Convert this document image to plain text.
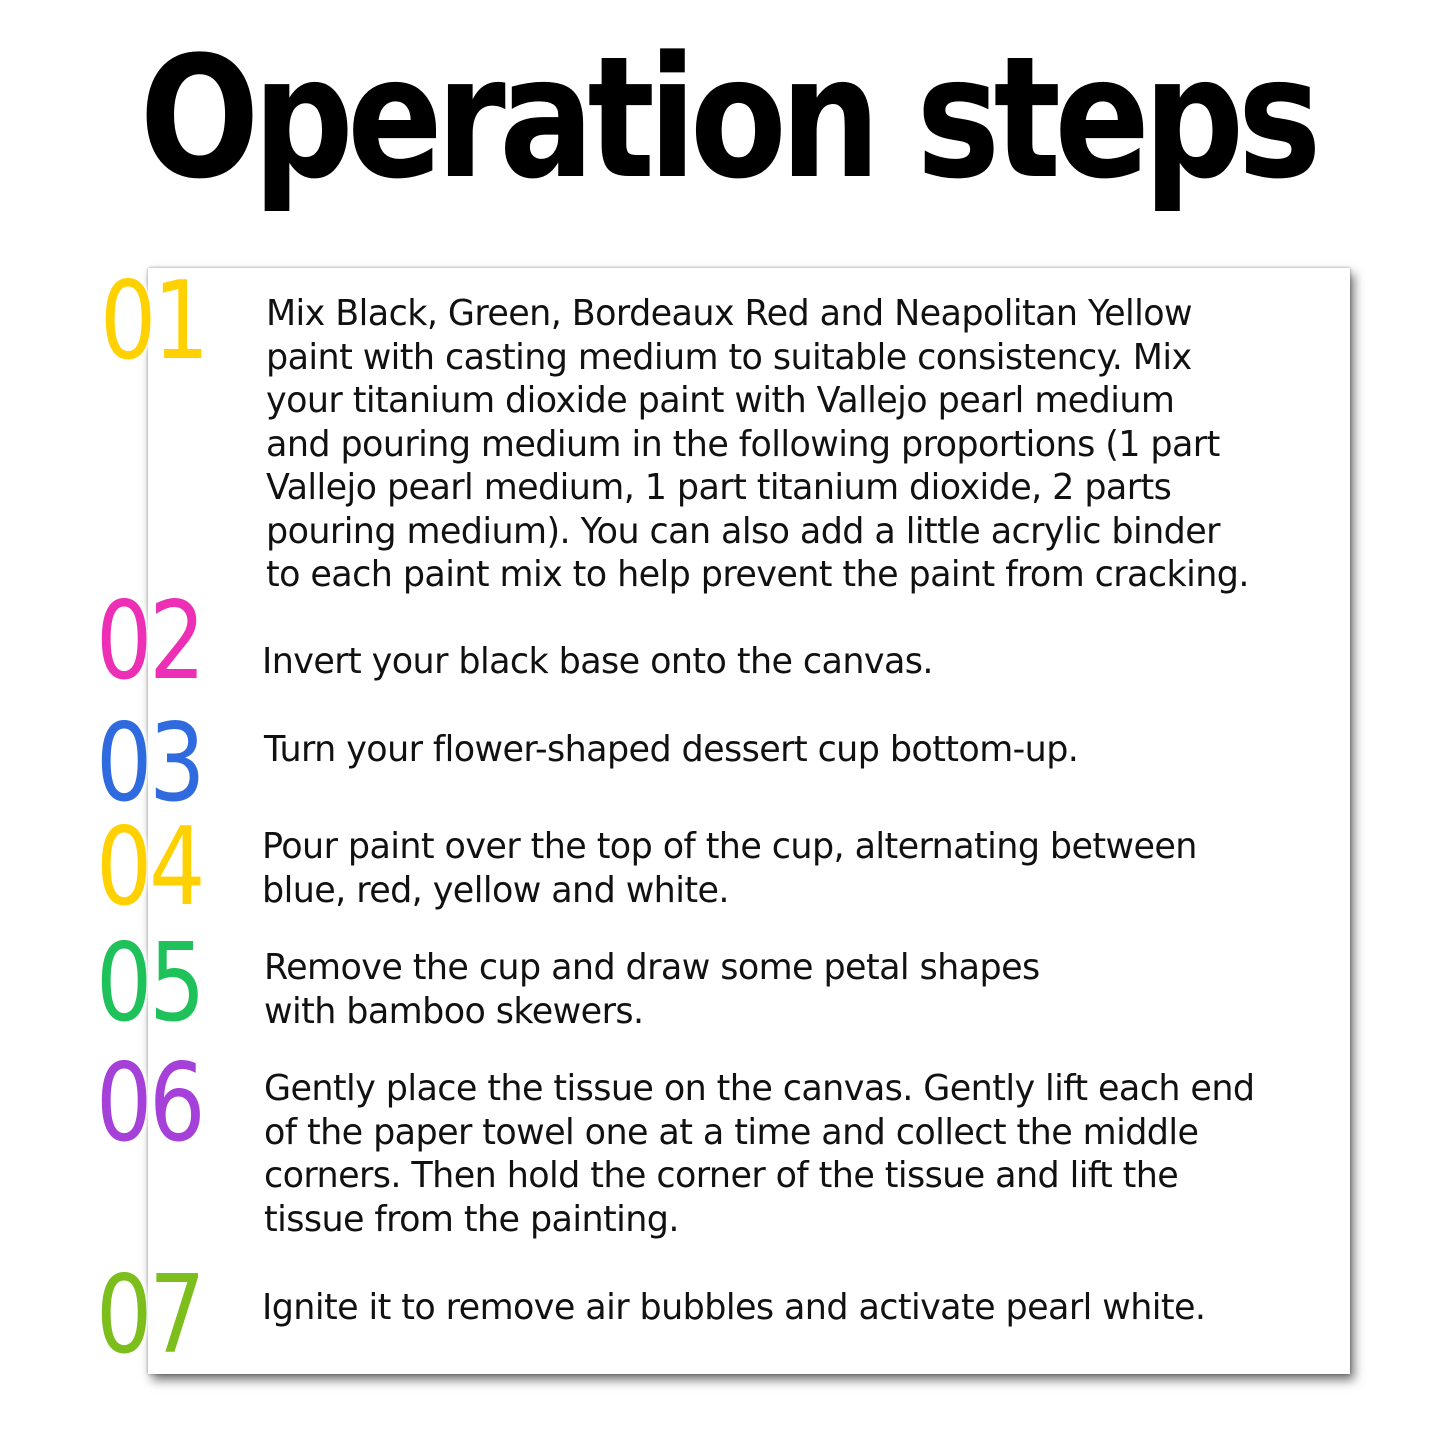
Operation steps
01 Mix Black, Green, Bordeaux Red and Neapolitan Yellow
paint with casting medium to suitable consistency. Mix
your titanium dioxide paint with Vallejo pearl medium
and pouring medium in the following proportions (1 part
Vallejo pearl medium, 1 part titanium dioxide, 2 parts
pouring medium). You can also add a little acrylic binder
to each paint mix to help prevent the paint from cracking.
02 Invert your black base onto the canvas.
03 Turn your flower-shaped dessert cup bottom-up.
04 Pour paint over the top of the cup, alternating between
blue, red, yellow and white.
05 Remove the cup and draw some petal shapes
with bamboo skewers.
06 Gently place the tissue on the canvas. Gently lift each end
of the paper towel one at a time and collect the middle
corners. Then hold the corner of the tissue and lift the
tissue from the painting.
07 Ignite it to remove air bubbles and activate pearl white.
